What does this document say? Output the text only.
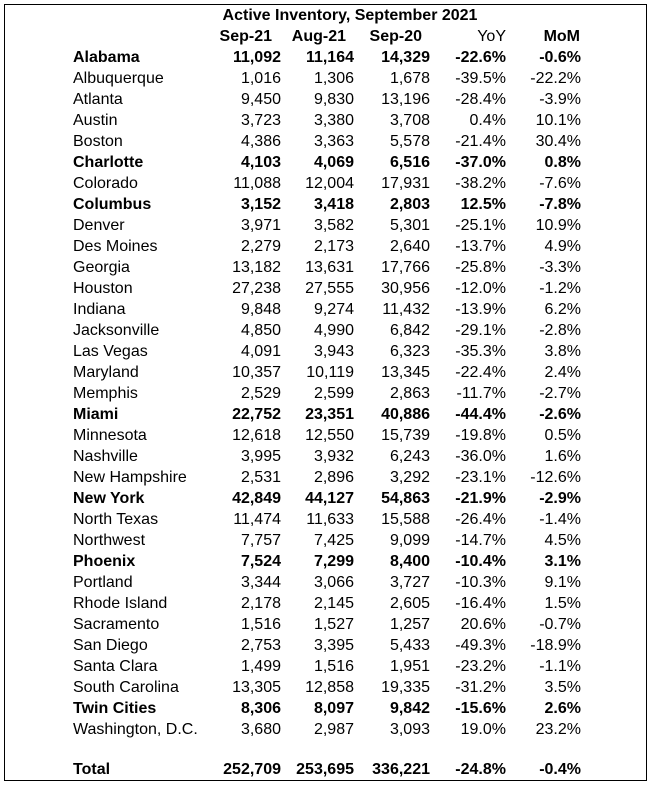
Active Inventory, September 2021
Sep-21 Aug-21 Sep-20	YoY MoM
Alabama	11,092 11,164 14,329 -22.6% -0.6%
Albuquerque	1,016 1,306 1,678 -39.5% -22.2%
Atlanta	9,450 9,830 13,196 -28.4% -3.9%
Austin	3,723 3,380 3,708 0.4% 10.1%
Boston	4,386 3,363 5,578 -21.4% 30.4%
Charlotte	4,103 4,069 6,516 -37.0% 0.8%
Colorado	11,088 12,004 17,931 -38.2% -7.6%
Columbus	3,152 3,418 2,803 12.5% -7.8%
Denver	3,971 3,582 5,301 -25.1% 10.9%
Des Moines	2,279 2,173 2,640 -13.7% 4.9%
Georgia	13,182 13,631 17,766 -25.8% -3.3%
Houston	27,238 27,555 30,956 -12.0% -1.2%
Indiana	9,848 9,274 11,432 -13.9% 6.2%
Jacksonville	4,850 4,990 6,842 -29.1% -2.8%
Las Vegas	4,091 3,943 6,323 -35.3% 3.8%
Maryland	10,357 10,119 13,345 -22.4% 2.4%
Memphis	2,529 2,599 2,863 -11.7% -2.7%
Miami	22,752 23,351 40,886 -44.4% -2.6%
Minnesota	12,618 12,550 15,739 -19.8% 0.5%
Nashville	3,995 3,932 6,243 -36.0% 1.6%
New Hampshire	2,531 2,896 3,292 -23.1% -12.6%
New York	42,849 44,127 54,863 -21.9% -2.9%
North Texas	11,474 11,633 15,588 -26.4% -1.4%
Northwest	7,757 7,425 9,099 -14.7% 4.5%
Phoenix	7,524 7,299 8,400 -10.4% 3.1%
Portland	3,344 3,066 3,727 -10.3% 9.1%
Rhode Island	2,178 2,145 2,605 -16.4% 1.5%
Sacramento	1,516 1,527 1,257 20.6% -0.7%
San Diego	2,753 3,395 5,433 -49.3% -18.9%
Santa Clara	1,499 1,516 1,951 -23.2% -1.1%
South Carolina	13,305 12,858 19,335 -31.2% 3.5%
Twin Cities	8,306 8,097 9,842 -15.6% 2.6%
Washington, D.C.	3,680 2,987 3,093 19.0% 23.2%
Total	252,709 253,695 336,221 -24.8% -0.4%
